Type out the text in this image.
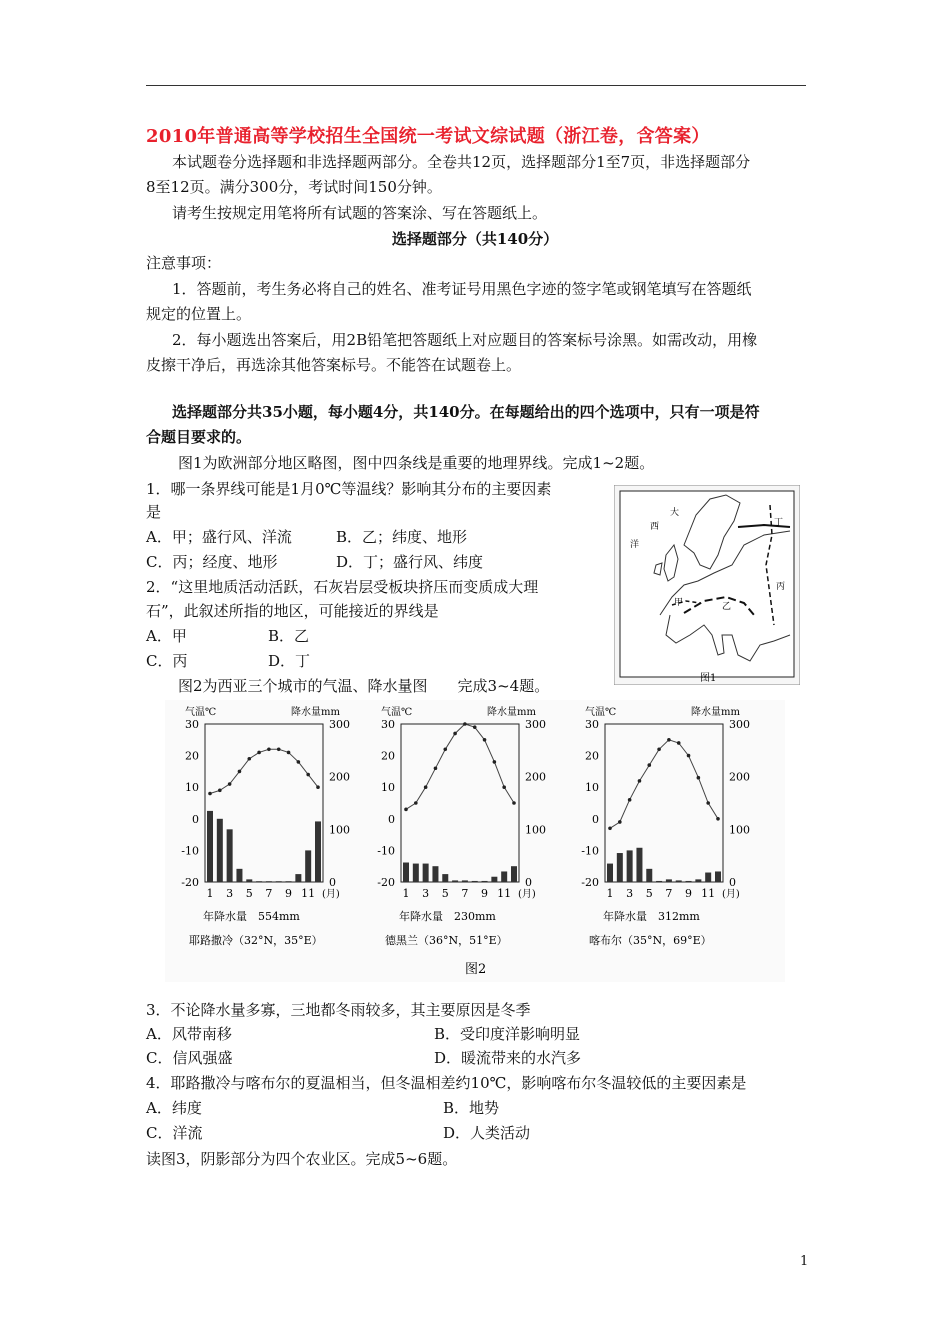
2010年普通高等学校招生全国统一考试文综试题（浙江卷，含答案）
本试题卷分选择题和非选择题两部分。全卷共12页，选择题部分1至7页，非选择题部分
8至12页。满分300分，考试时间150分钟。
请考生按规定用笔将所有试题的答案涂、写在答题纸上。
选择题部分（共140分）
注意事项：
1．答题前，考生务必将自己的姓名、准考证号用黑色字迹的签字笔或钢笔填写在答题纸
规定的位置上。
2．每小题选出答案后，用2B铅笔把答题纸上对应题目的答案标号涂黑。如需改动，用橡
皮擦干净后，再选涂其他答案标号。不能答在试题卷上。
选择题部分共35小题，每小题4分，共140分。在每题给出的四个选项中，只有一项是符
合题目要求的。
图1为欧洲部分地区略图，图中四条线是重要的地理界线。完成1~2题。
1．哪一条界线可能是1月0℃等温线？影响其分布的主要因素
是
A．甲；盛行风、洋流	B．乙；纬度、地形
C．丙；经度、地形	D．丁；盛行风、纬度
2．“这里地质活动活跃，石灰岩层受板块挤压而变质成大理
石”，此叙述所指的地区，可能接近的界线是
A．甲	B．乙
C．丙	D．丁
大
西
洋
甲	乙
丙
丁
图1
图2为西亚三个城市的气温、降水量图　　完成3~4题。
图2
气温℃	降水量mm
30
20
10
0
-10
-20
300
200
100
0
1 3 5 7 9 11 (月)
年降水量　554mm
耶路撒冷（32°N，35°E）
气温℃	降水量mm
30
20
10
0
-10
-20
300
200
100
0
1 3 5 7 9 11 (月)
年降水量　230mm
德黑兰（36°N，51°E）
气温℃	降水量mm
30
20
10
0
-10
-20
300
200
100
0
1 3 5 7 9 11 (月)
年降水量　312mm
喀布尔（35°N，69°E）
3．不论降水量多寡，三地都冬雨较多，其主要原因是冬季
A．风带南移	B．受印度洋影响明显
C．信风强盛	D．暖流带来的水汽多
4．耶路撒冷与喀布尔的夏温相当，但冬温相差约10℃，影响喀布尔冬温较低的主要因素是
A．纬度	B．地势
C．洋流	D．人类活动
读图3，阴影部分为四个农业区。完成5~6题。
1
